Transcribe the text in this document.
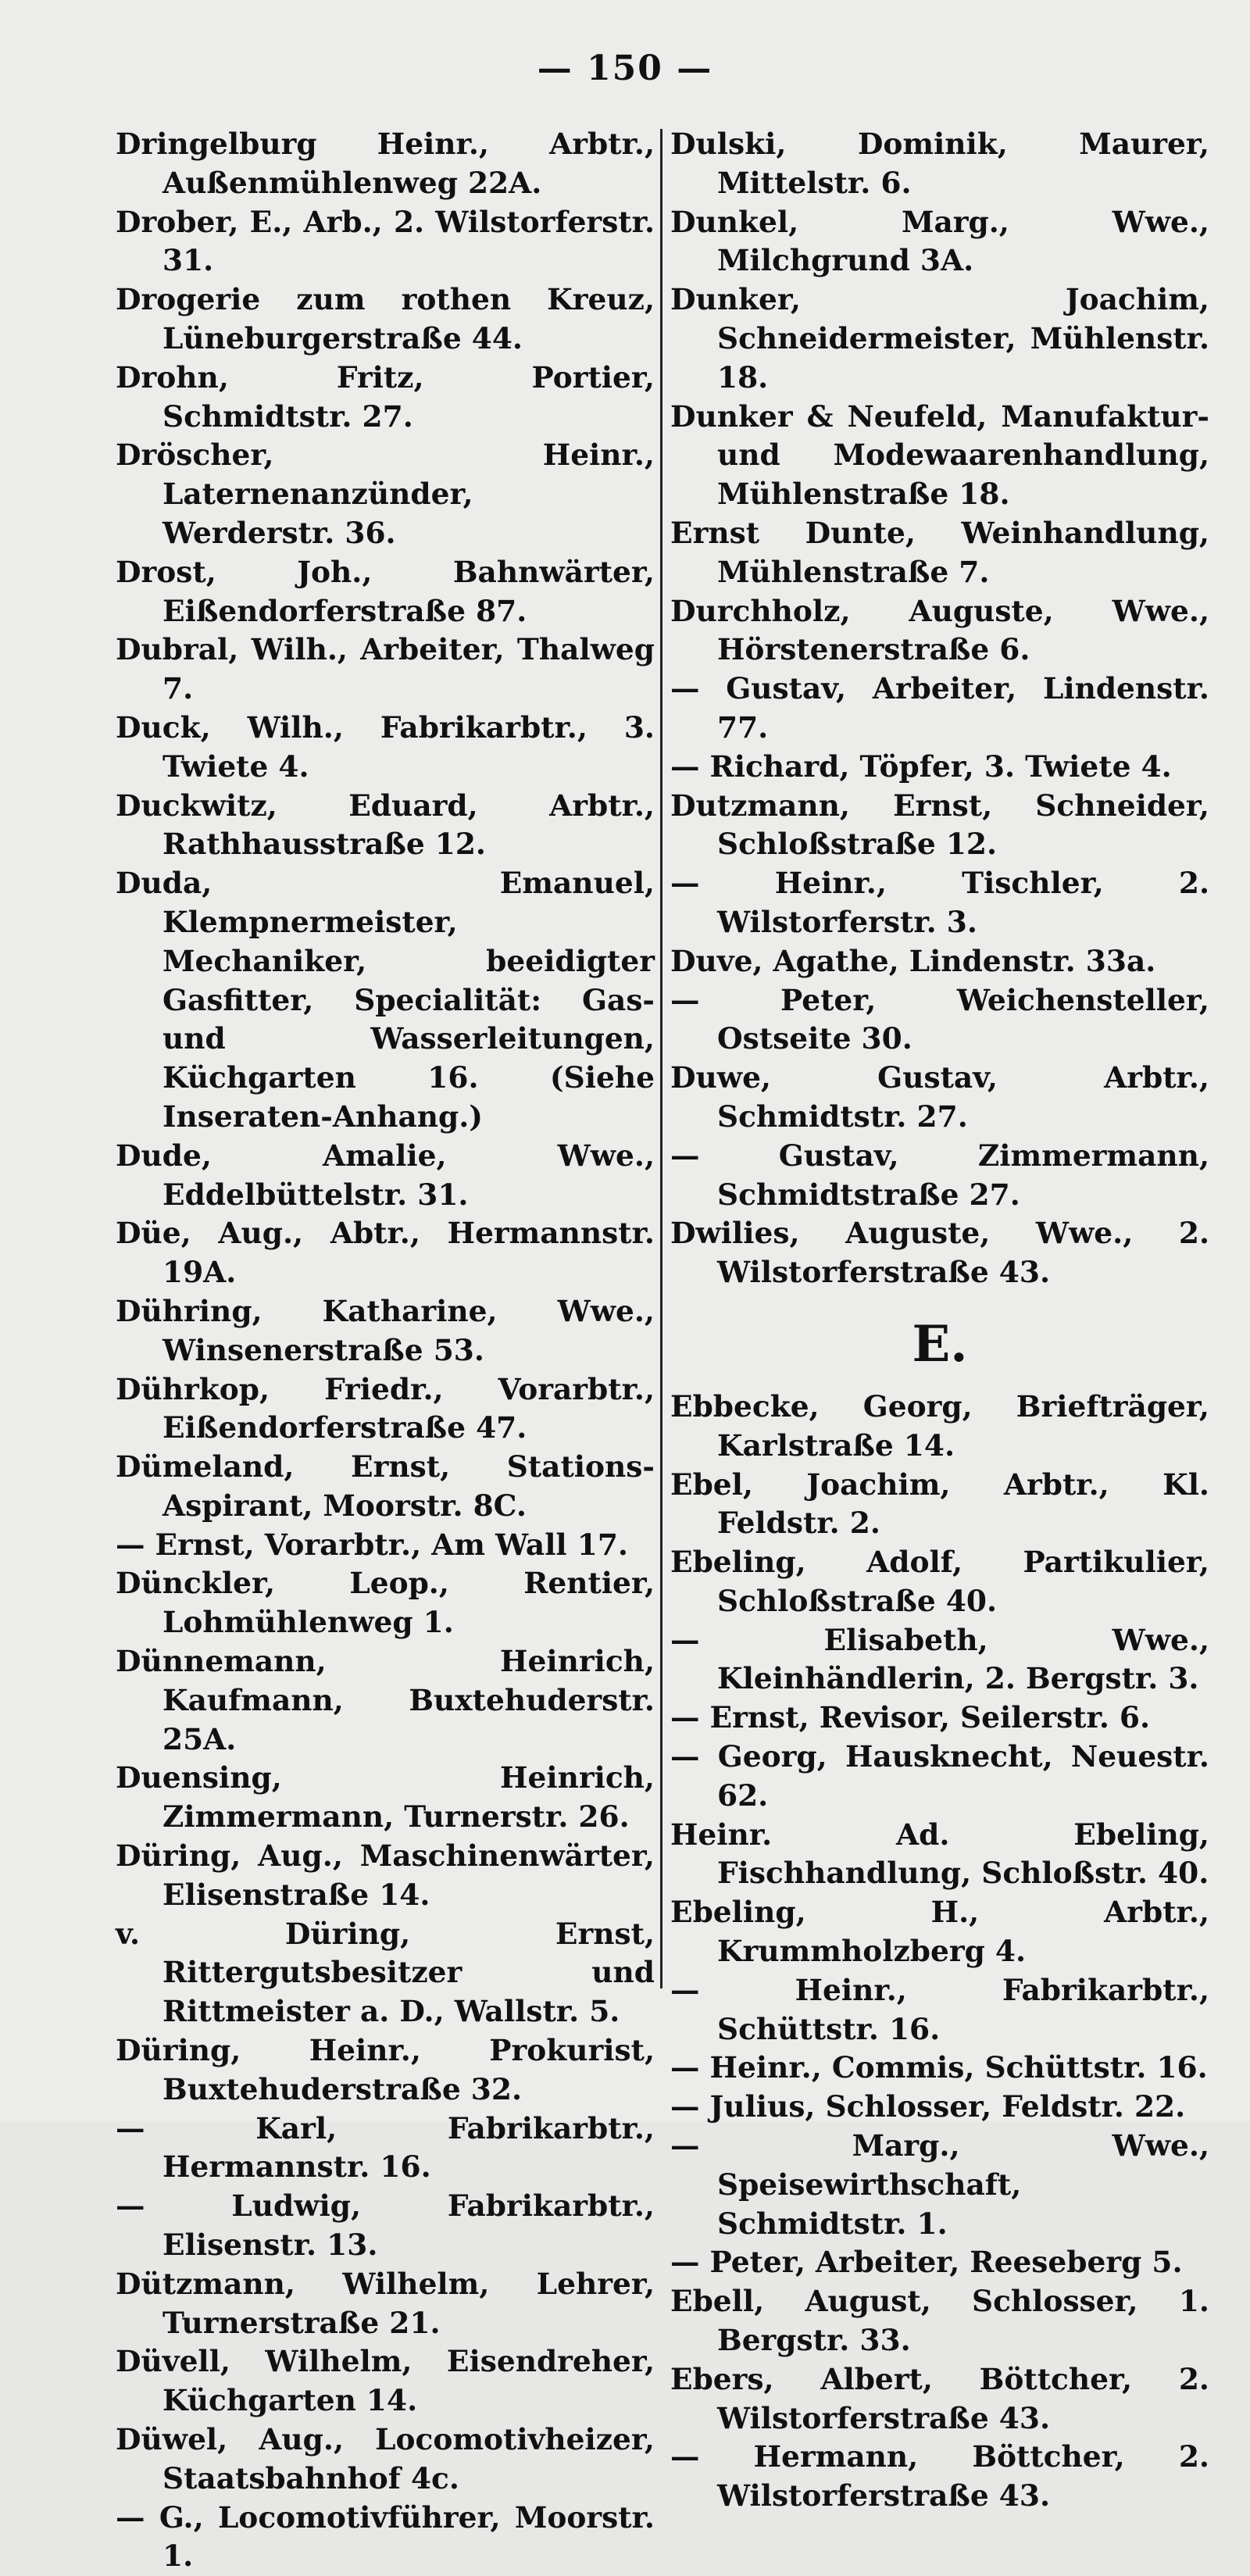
— 150 —

Dringelburg Heinr., Arbtr., Außenmühlenweg 22A.

Drober, E., Arb., 2. Wilstorferstr. 31.

Drogerie zum rothen Kreuz, Lüneburgerstraße 44.

Drohn, Fritz, Portier, Schmidtstr. 27.

Dröscher, Heinr., Laternenanzünder, Werderstr. 36.

Drost, Joh., Bahnwärter, Eißendorferstraße 87.

Dubral, Wilh., Arbeiter, Thalweg 7.

Duck, Wilh., Fabrikarbtr., 3. Twiete 4.

Duckwitz, Eduard, Arbtr., Rathhausstraße 12.

Duda, Emanuel, Klempnermeister, Mechaniker, beeidigter Gasfitter, Specialität: Gas- und Wasserleitungen, Küchgarten 16. (Siehe Inseraten-Anhang.)

Dude, Amalie, Wwe., Eddelbüttelstr. 31.

Düe, Aug., Abtr., Hermannstr. 19A.

Dühring, Katharine, Wwe., Winsenerstraße 53.

Dührkop, Friedr., Vorarbtr., Eißendorferstraße 47.

Dümeland, Ernst, Stations-Aspirant, Moorstr. 8C.

— Ernst, Vorarbtr., Am Wall 17.

Dünckler, Leop., Rentier, Lohmühlenweg 1.

Dünnemann, Heinrich, Kaufmann, Buxtehuderstr. 25A.

Duensing, Heinrich, Zimmermann, Turnerstr. 26.

Düring, Aug., Maschinenwärter, Elisenstraße 14.

v. Düring, Ernst, Rittergutsbesitzer und Rittmeister a. D., Wallstr. 5.

Düring, Heinr., Prokurist, Buxtehuderstraße 32.

— Karl, Fabrikarbtr., Hermannstr. 16.

— Ludwig, Fabrikarbtr., Elisenstr. 13.

Dützmann, Wilhelm, Lehrer, Turnerstraße 21.

Düvell, Wilhelm, Eisendreher, Küchgarten 14.

Düwel, Aug., Locomotivheizer, Staatsbahnhof 4c.

— G., Locomotivführer, Moorstr. 1.

Dulski, Dominik, Maurer, Mittelstr. 6.

Dunkel, Marg., Wwe., Milchgrund 3A.

Dunker, Joachim, Schneidermeister, Mühlenstr. 18.

Dunker & Neufeld, Manufaktur- und Modewaarenhandlung, Mühlenstraße 18.

Ernst Dunte, Weinhandlung, Mühlenstraße 7.

Durchholz, Auguste, Wwe., Hörstenerstraße 6.

— Gustav, Arbeiter, Lindenstr. 77.

— Richard, Töpfer, 3. Twiete 4.

Dutzmann, Ernst, Schneider, Schloßstraße 12.

— Heinr., Tischler, 2. Wilstorferstr. 3.

Duve, Agathe, Lindenstr. 33a.

— Peter, Weichensteller, Ostseite 30.

Duwe, Gustav, Arbtr., Schmidtstr. 27.

— Gustav, Zimmermann, Schmidtstraße 27.

Dwilies, Auguste, Wwe., 2. Wilstorferstraße 43.

E.

Ebbecke, Georg, Briefträger, Karlstraße 14.

Ebel, Joachim, Arbtr., Kl. Feldstr. 2.

Ebeling, Adolf, Partikulier, Schloßstraße 40.

— Elisabeth, Wwe., Kleinhändlerin, 2. Bergstr. 3.

— Ernst, Revisor, Seilerstr. 6.

— Georg, Hausknecht, Neuestr. 62.

Heinr. Ad. Ebeling, Fischhandlung, Schloßstr. 40.

Ebeling, H., Arbtr., Krummholzberg 4.

— Heinr., Fabrikarbtr., Schüttstr. 16.

— Heinr., Commis, Schüttstr. 16.

— Julius, Schlosser, Feldstr. 22.

— Marg., Wwe., Speisewirthschaft, Schmidtstr. 1.

— Peter, Arbeiter, Reeseberg 5.

Ebell, August, Schlosser, 1. Bergstr. 33.

Ebers, Albert, Böttcher, 2. Wilstorferstraße 43.

— Hermann, Böttcher, 2. Wilstorferstraße 43.
